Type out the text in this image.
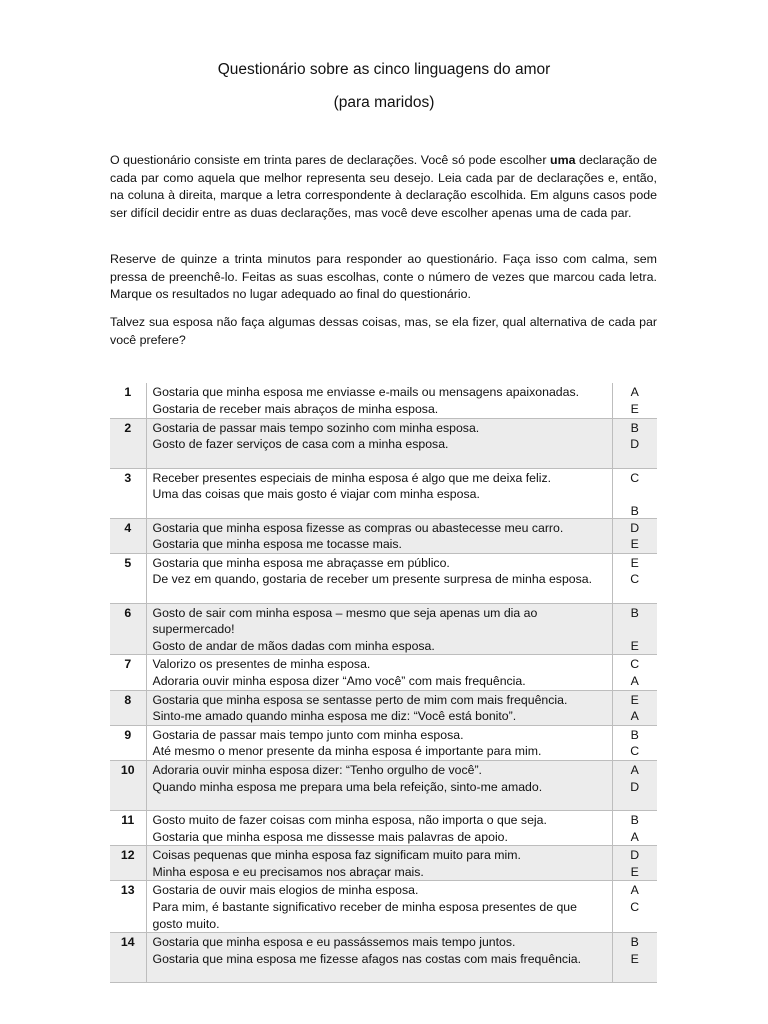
Questionário sobre as cinco linguagens do amor
(para maridos)

O questionário consiste em trinta pares de declarações. Você só pode escolher uma declaração de cada par como aquela que melhor representa seu desejo. Leia cada par de declarações e, então, na coluna à direita, marque a letra correspondente à declaração escolhida. Em alguns casos pode ser difícil decidir entre as duas declarações, mas você deve escolher apenas uma de cada par.

Reserve de quinze a trinta minutos para responder ao questionário. Faça isso com calma, sem pressa de preenchê-lo. Feitas as suas escolhas, conte o número de vezes que marcou cada letra. Marque os resultados no lugar adequado ao final do questionário.

Talvez sua esposa não faça algumas dessas coisas, mas, se ela fizer, qual alternativa de cada par você prefere?

1	Gostaria que minha esposa me enviasse e-mails ou mensagens apaixonadas.
Gostaria de receber mais abraços de minha esposa.	A
E

2	Gostaria de passar mais tempo sozinho com minha esposa.
Gosto de fazer serviços de casa com a minha esposa.	B
D

3	Receber presentes especiais de minha esposa é algo que me deixa feliz.
Uma das coisas que mais gosto é viajar com minha esposa.	C
B

4	Gostaria que minha esposa fizesse as compras ou abastecesse meu carro.
Gostaria que minha esposa me tocasse mais.	D
E

5	Gostaria que minha esposa me abraçasse em público.
De vez em quando, gostaria de receber um presente surpresa de minha esposa.	E
C

6	Gosto de sair com minha esposa – mesmo que seja apenas um dia ao supermercado!
Gosto de andar de mãos dadas com minha esposa.	B
E

7	Valorizo os presentes de minha esposa.
Adoraria ouvir minha esposa dizer “Amo você” com mais frequência.	C
A

8	Gostaria que minha esposa se sentasse perto de mim com mais frequência.
Sinto-me amado quando minha esposa me diz: “Você está bonito”.	E
A

9	Gostaria de passar mais tempo junto com minha esposa.
Até mesmo o menor presente da minha esposa é importante para mim.	B
C

10	Adoraria ouvir minha esposa dizer: “Tenho orgulho de você”.
Quando minha esposa me prepara uma bela refeição, sinto-me amado.	A
D

11	Gosto muito de fazer coisas com minha esposa, não importa o que seja.
Gostaria que minha esposa me dissesse mais palavras de apoio.	B
A

12	Coisas pequenas que minha esposa faz significam muito para mim.
Minha esposa e eu precisamos nos abraçar mais.	D
E

13	Gostaria de ouvir mais elogios de minha esposa.
Para mim, é bastante significativo receber de minha esposa presentes de que gosto muito.	A
C

14	Gostaria que minha esposa e eu passássemos mais tempo juntos.
Gostaria que mina esposa me fizesse afagos nas costas com mais frequência.	B
E
